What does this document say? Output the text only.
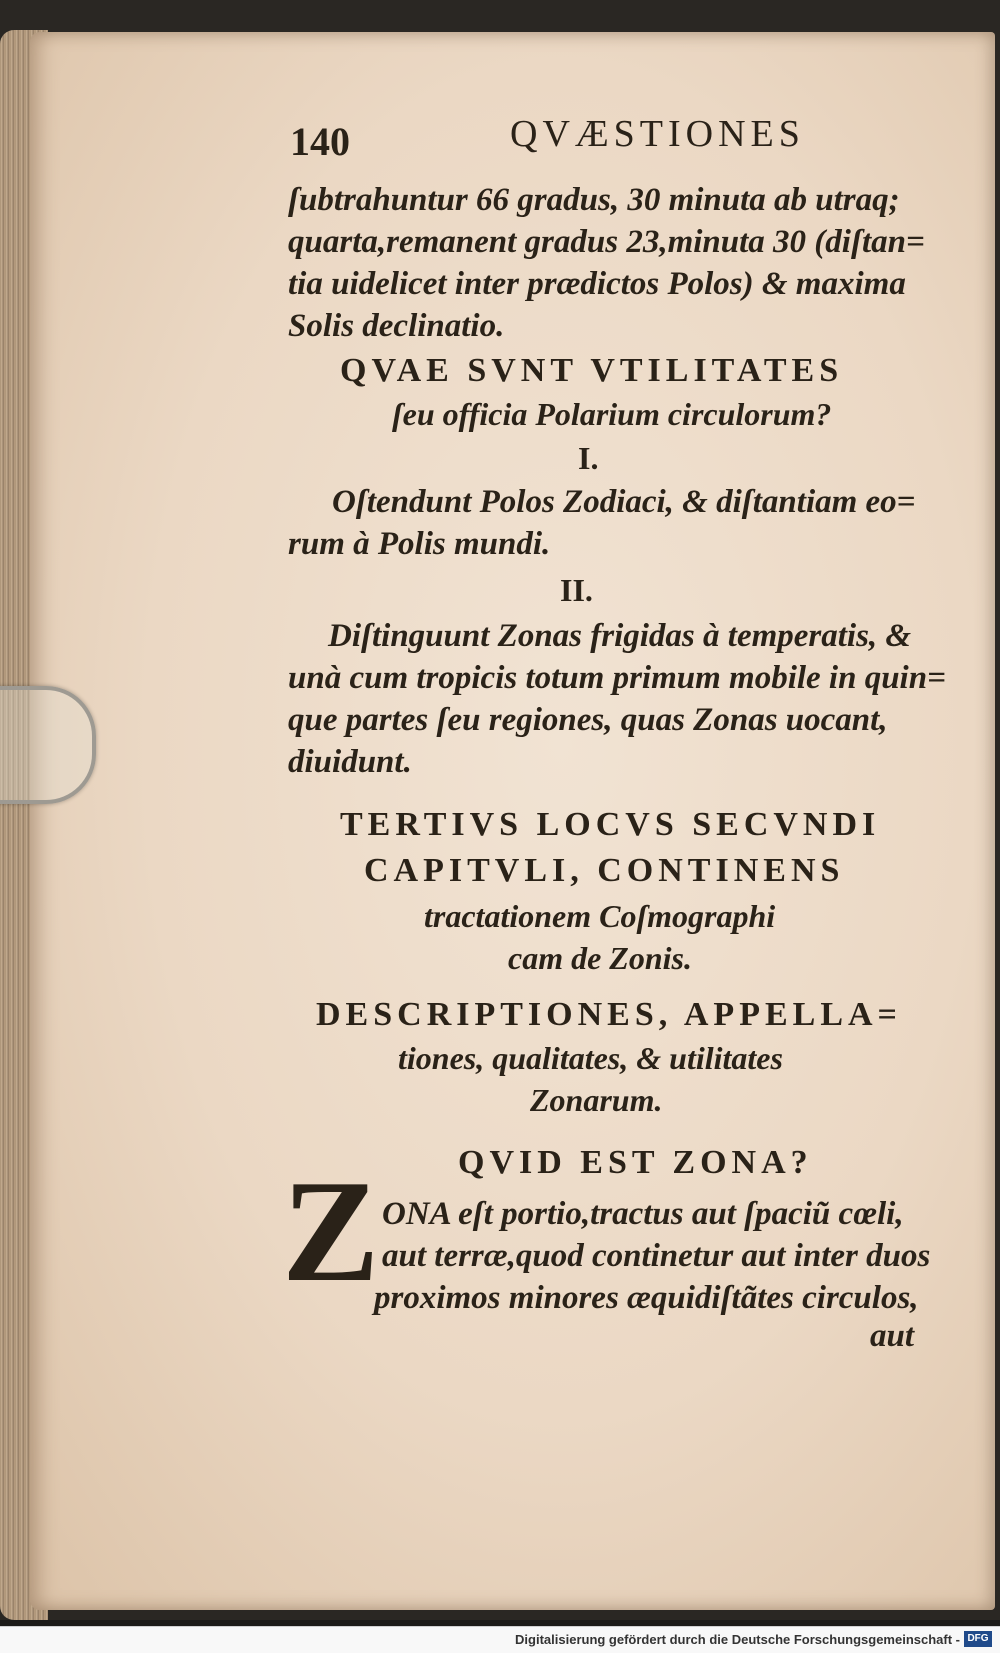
140	QVÆSTIONES
ſubtrahuntur 66 gradus, 30 minuta ab utraq;
quarta,remanent gradus 23,minuta 30 (diſtan=
tia uidelicet inter prædictos Polos) & maxima
Solis declinatio.
QVAE SVNT VTILITATES
ſeu officia Polarium circulorum?
I.
Oſtendunt Polos Zodiaci, & diſtantiam eo=
rum à Polis mundi.
II.
Diſtinguunt Zonas frigidas à temperatis, &
unà cum tropicis totum primum mobile in quin=
que partes ſeu regiones, quas Zonas uocant,
diuidunt.
TERTIVS LOCVS SECVNDI
CAPITVLI, CONTINENS
tractationem Coſmographi
cam de Zonis.
DESCRIPTIONES, APPELLA=
tiones, qualitates, & utilitates
Zonarum.
QVID EST ZONA?
Z ONA eſt portio,tractus aut ſpaciũ cœli,
aut terræ,quod continetur aut inter duos
proximos minores æquidiſtãtes circulos,
aut
Digitalisierung gefördert durch die Deutsche Forschungsgemeinschaft - DFG
